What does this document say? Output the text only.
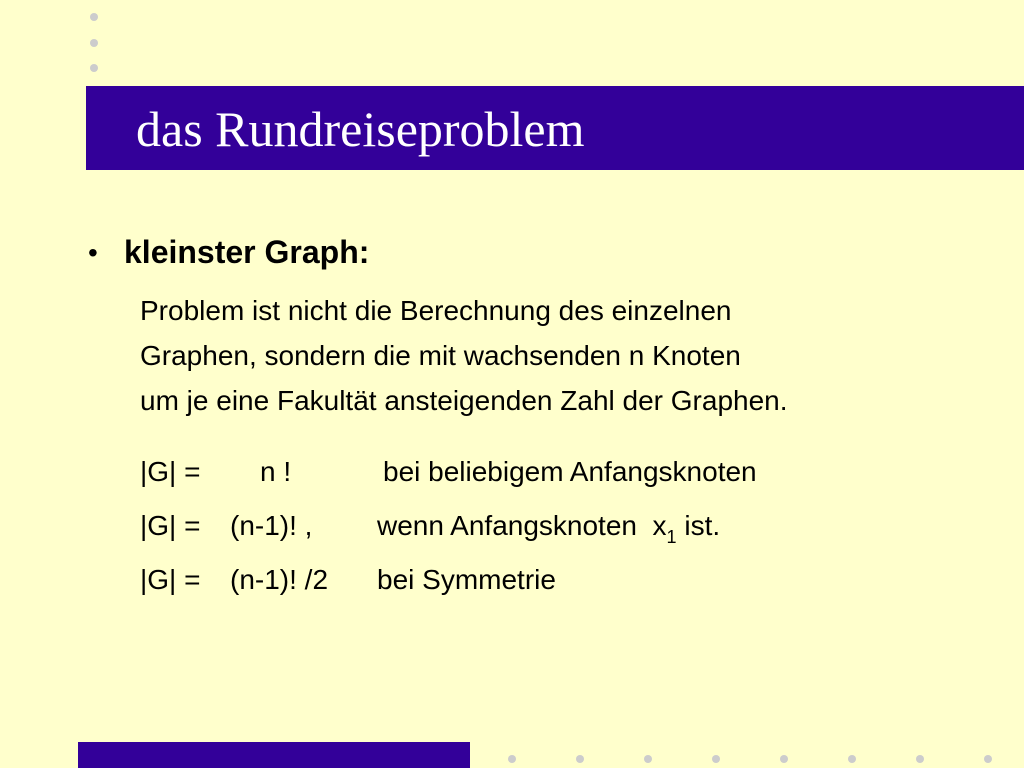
das Rundreiseproblem
• kleinster Graph:
Problem ist nicht die Berechnung des einzelnen
Graphen, sondern die mit wachsenden n Knoten
um je eine Fakultät ansteigenden Zahl der Graphen.
|G| = n !	bei beliebigem Anfangsknoten
|G| = (n-1)! , wenn Anfangsknoten $x_1$ ist.
|G| = (n-1)! /2 bei Symmetrie
